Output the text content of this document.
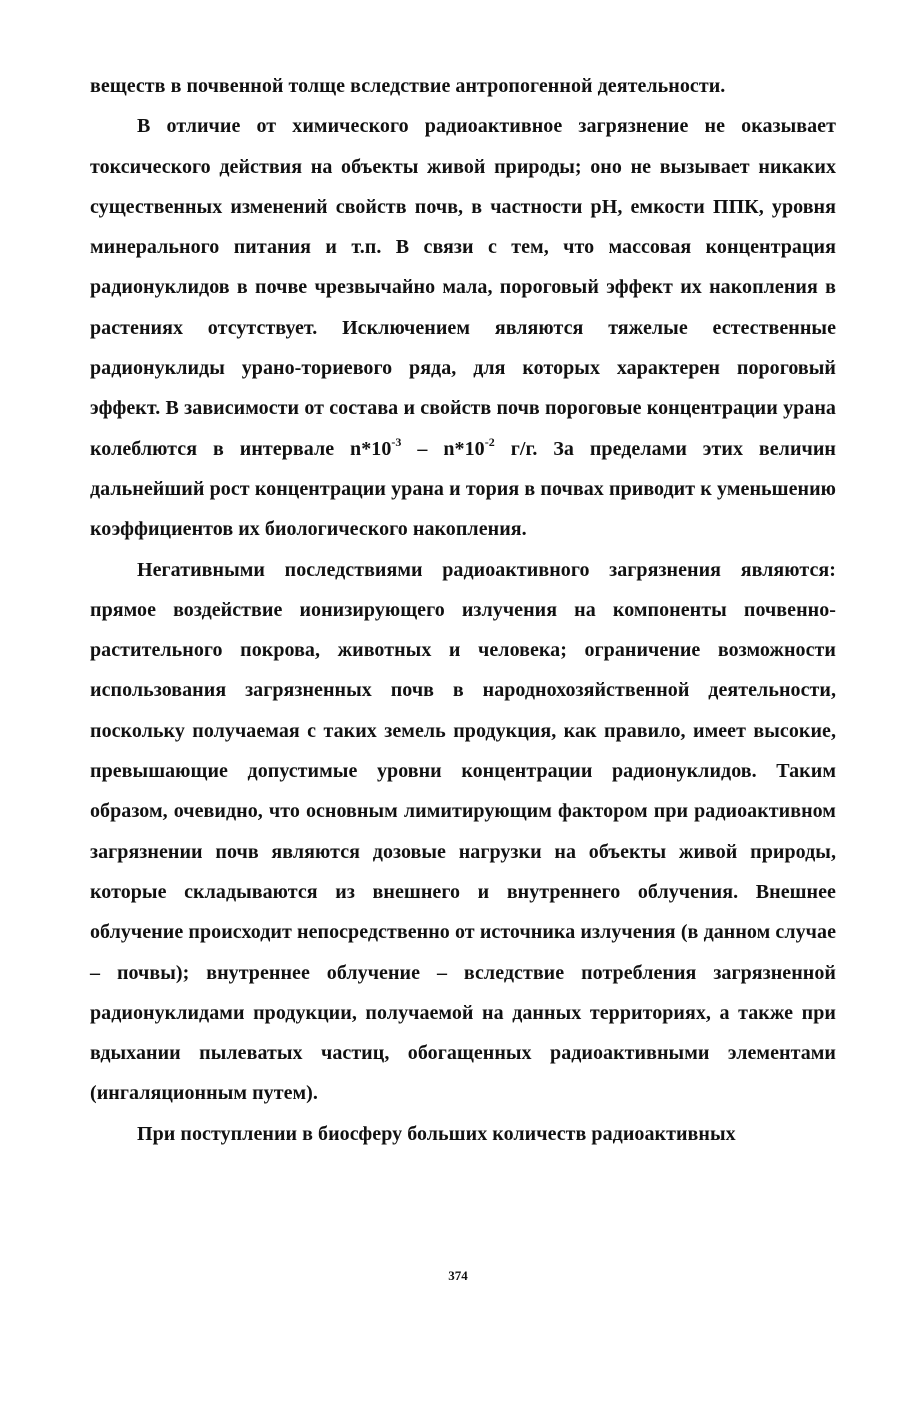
веществ в почвенной толще вследствие антропогенной деятельности.

В отличие от химического радиоактивное загрязнение не оказывает токсического действия на объекты живой природы; оно не вызывает никаких существенных изменений свойств почв, в частности pH, емкости ППК, уровня минерального питания и т.п. В связи с тем, что массовая концентрация радионуклидов в почве чрезвычайно мала, пороговый эффект их накопления в растениях отсутствует. Исключением являются тяжелые естественные радионуклиды урано-ториевого ряда, для которых характерен пороговый эффект. В зависимости от состава и свойств почв пороговые концентрации урана колеблются в интервале $n*10^{-3} - n*10^{-2}$ г/г. За пределами этих величин дальнейший рост концентрации урана и тория в почвах приводит к уменьшению коэффициентов их биологического накопления.

Негативными последствиями радиоактивного загрязнения являются: прямое воздействие ионизирующего излучения на компоненты почвенно-растительного покрова, животных и человека; ограничение возможности использования загрязненных почв в народнохозяйственной деятельности, поскольку получаемая с таких земель продукция, как правило, имеет высокие, превышающие допустимые уровни концентрации радионуклидов. Таким образом, очевидно, что основным лимитирующим фактором при радиоактивном загрязнении почв являются дозовые нагрузки на объекты живой природы, которые складываются из внешнего и внутреннего облучения. Внешнее облучение происходит непосредственно от источника излучения (в данном случае – почвы); внутреннее облучение – вследствие потребления загрязненной радионуклидами продукции, получаемой на данных территориях, а также при вдыхании пылеватых частиц, обогащенных радиоактивными элементами (ингаляционным путем).

При поступлении в биосферу больших количеств радиоактивных

374
